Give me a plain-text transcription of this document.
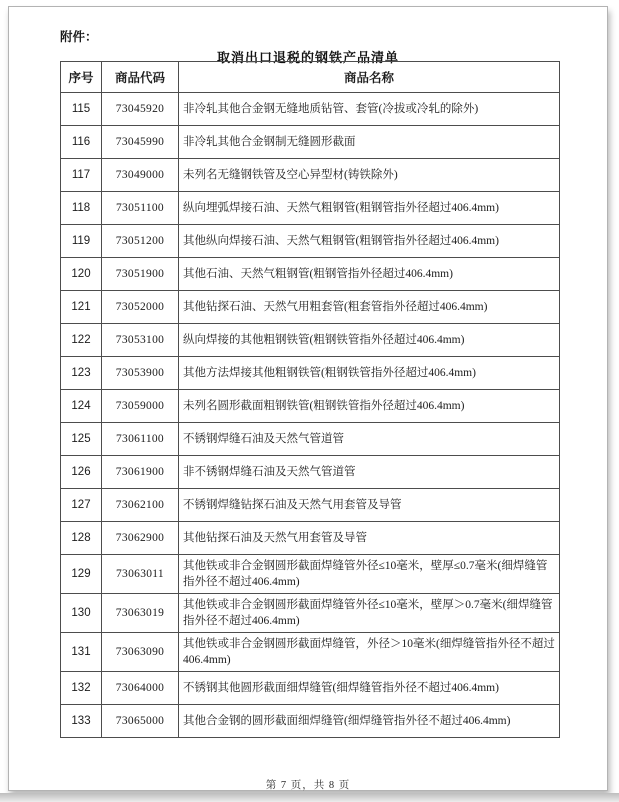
附件：
取消出口退税的钢铁产品清单
序号	商品代码	商品名称
115	73045920	非冷轧其他合金钢无缝地质钻管、套管(冷拔或冷轧的除外)
116	73045990	非冷轧其他合金钢制无缝圆形截面
117	73049000	未列名无缝钢铁管及空心异型材(铸铁除外)
118	73051100	纵向埋弧焊接石油、天然气粗钢管(粗钢管指外径超过406.4mm)
119	73051200	其他纵向焊接石油、天然气粗钢管(粗钢管指外径超过406.4mm)
120	73051900	其他石油、天然气粗钢管(粗钢管指外径超过406.4mm)
121	73052000	其他钻探石油、天然气用粗套管(粗套管指外径超过406.4mm)
122	73053100	纵向焊接的其他粗钢铁管(粗钢铁管指外径超过406.4mm)
123	73053900	其他方法焊接其他粗钢铁管(粗钢铁管指外径超过406.4mm)
124	73059000	未列名圆形截面粗钢铁管(粗钢铁管指外径超过406.4mm)
125	73061100	不锈钢焊缝石油及天然气管道管
126	73061900	非不锈钢焊缝石油及天然气管道管
127	73062100	不锈钢焊缝钻探石油及天然气用套管及导管
128	73062900	其他钻探石油及天然气用套管及导管
129	73063011	其他铁或非合金钢圆形截面焊缝管外径≤10毫米，壁厚≤0.7毫米(细焊缝管指外径不超过406.4mm)
130	73063019	其他铁或非合金钢圆形截面焊缝管外径≤10毫米，壁厚＞0.7毫米(细焊缝管指外径不超过406.4mm)
131	73063090	其他铁或非合金钢圆形截面焊缝管，外径＞10毫米(细焊缝管指外径不超过406.4mm)
132	73064000	不锈钢其他圆形截面细焊缝管(细焊缝管指外径不超过406.4mm)
133	73065000	其他合金钢的圆形截面细焊缝管(细焊缝管指外径不超过406.4mm)
第 7 页，共 8 页
